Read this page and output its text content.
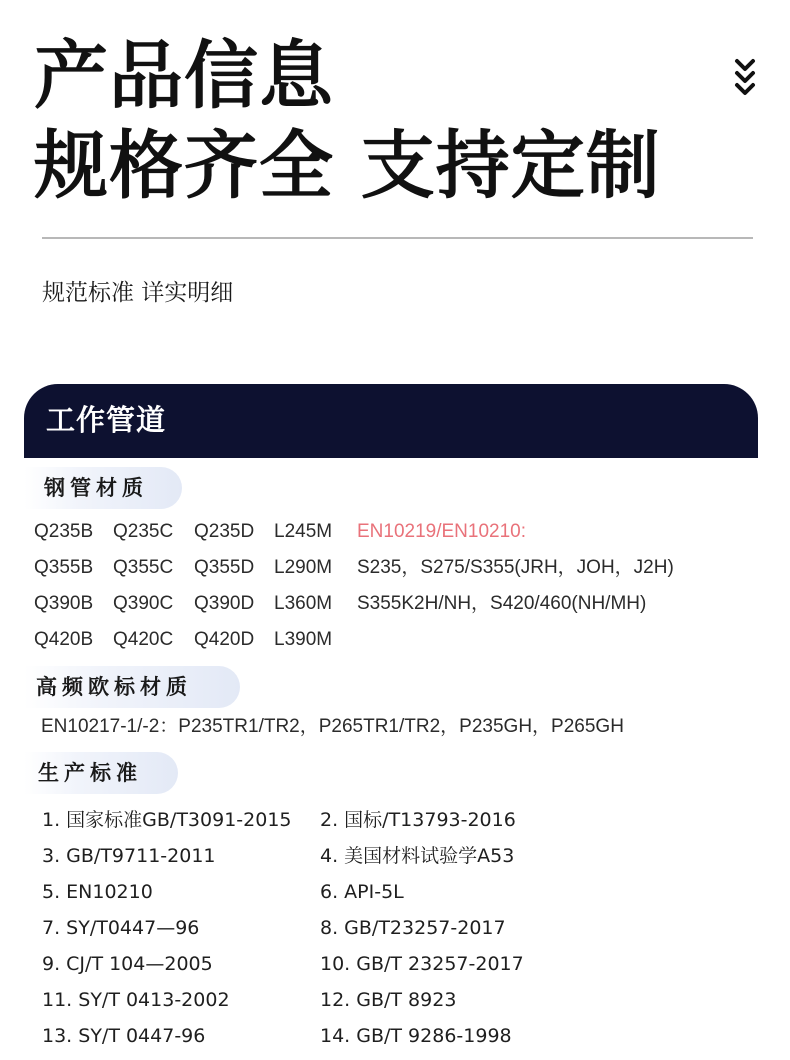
产品信息
规格齐全 支持定制
规范标准 详实明细
工作管道
钢管材质
Q235B Q235C Q235D L245M EN10219/EN10210:
Q355B Q355C Q355D L290M S235，S275/S355(JRH，JOH，J2H)
Q390B Q390C Q390D L360M S355K2H/NH，S420/460(NH/MH)
Q420B Q420C Q420D L390M
高频欧标材质
EN10217-1/-2：P235TR1/TR2，P265TR1/TR2，P235GH，P265GH
生产标准
1. 国家标准GB/T3091-2015 2. 国标/T13793-2016
3. GB/T9711-2011	4. 美国材料试验学A53
5. EN10210	6. API-5L
7. SY/T0447—96	8. GB/T23257-2017
9. CJ/T 104—2005	10. GB/T 23257-2017
11. SY/T 0413-2002	12. GB/T 8923
13. SY/T 0447-96	14. GB/T 9286-1998
